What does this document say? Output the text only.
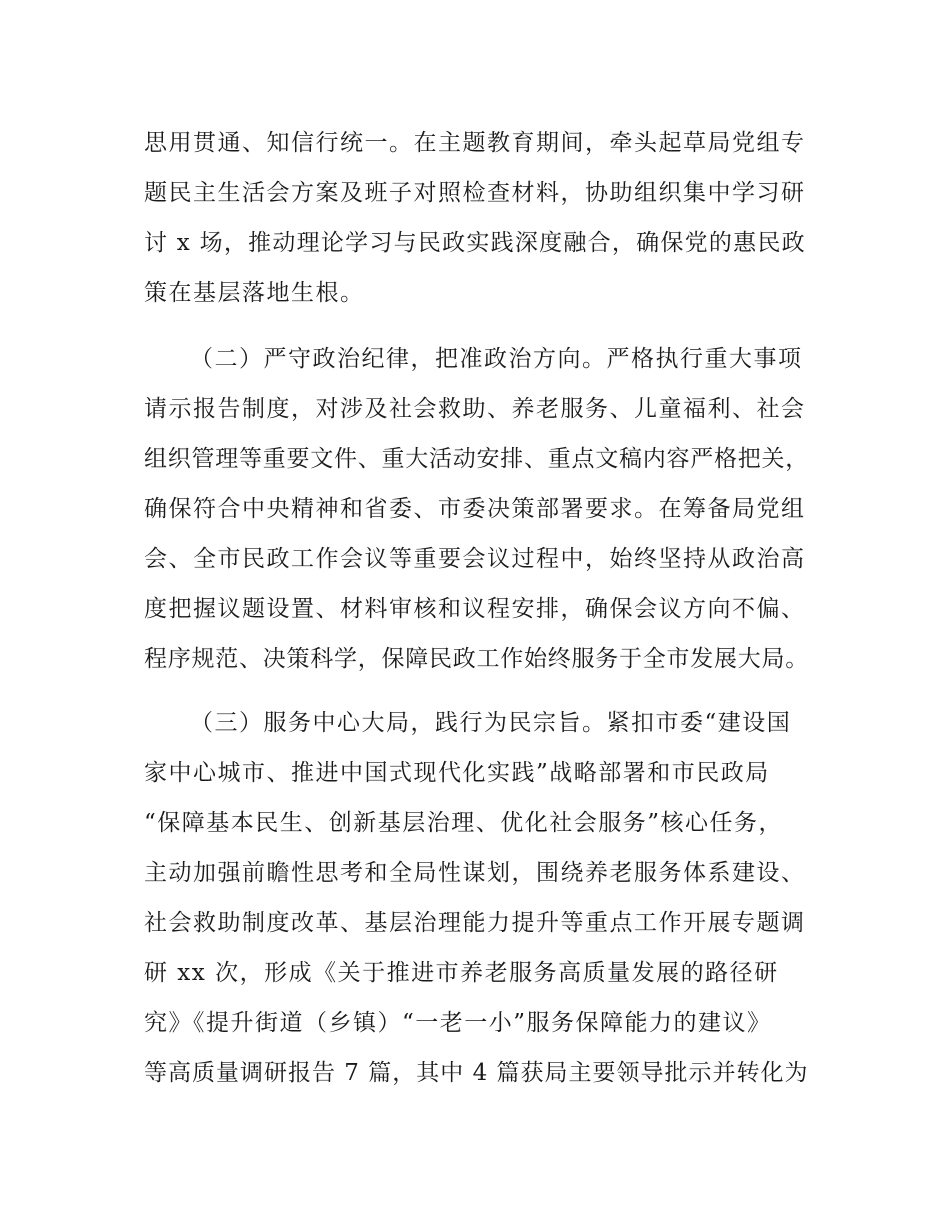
思用贯通、知信行统一。在主题教育期间，牵头起草局党组专
题民主生活会方案及班子对照检查材料，协助组织集中学习研
讨 x 场，推动理论学习与民政实践深度融合，确保党的惠民政
策在基层落地生根。
（二）严守政治纪律，把准政治方向。严格执行重大事项
请示报告制度，对涉及社会救助、养老服务、儿童福利、社会
组织管理等重要文件、重大活动安排、重点文稿内容严格把关，
确保符合中央精神和省委、市委决策部署要求。在筹备局党组
会、全市民政工作会议等重要会议过程中，始终坚持从政治高
度把握议题设置、材料审核和议程安排，确保会议方向不偏、
程序规范、决策科学，保障民政工作始终服务于全市发展大局。
（三）服务中心大局，践行为民宗旨。紧扣市委“建设国
家中心城市、推进中国式现代化实践”战略部署和市民政局
“保障基本民生、创新基层治理、优化社会服务”核心任务，
主动加强前瞻性思考和全局性谋划，围绕养老服务体系建设、
社会救助制度改革、基层治理能力提升等重点工作开展专题调
研 xx 次，形成《关于推进市养老服务高质量发展的路径研
究》《提升街道（乡镇）“一老一小”服务保障能力的建议》
等高质量调研报告 7 篇，其中 4 篇获局主要领导批示并转化为
